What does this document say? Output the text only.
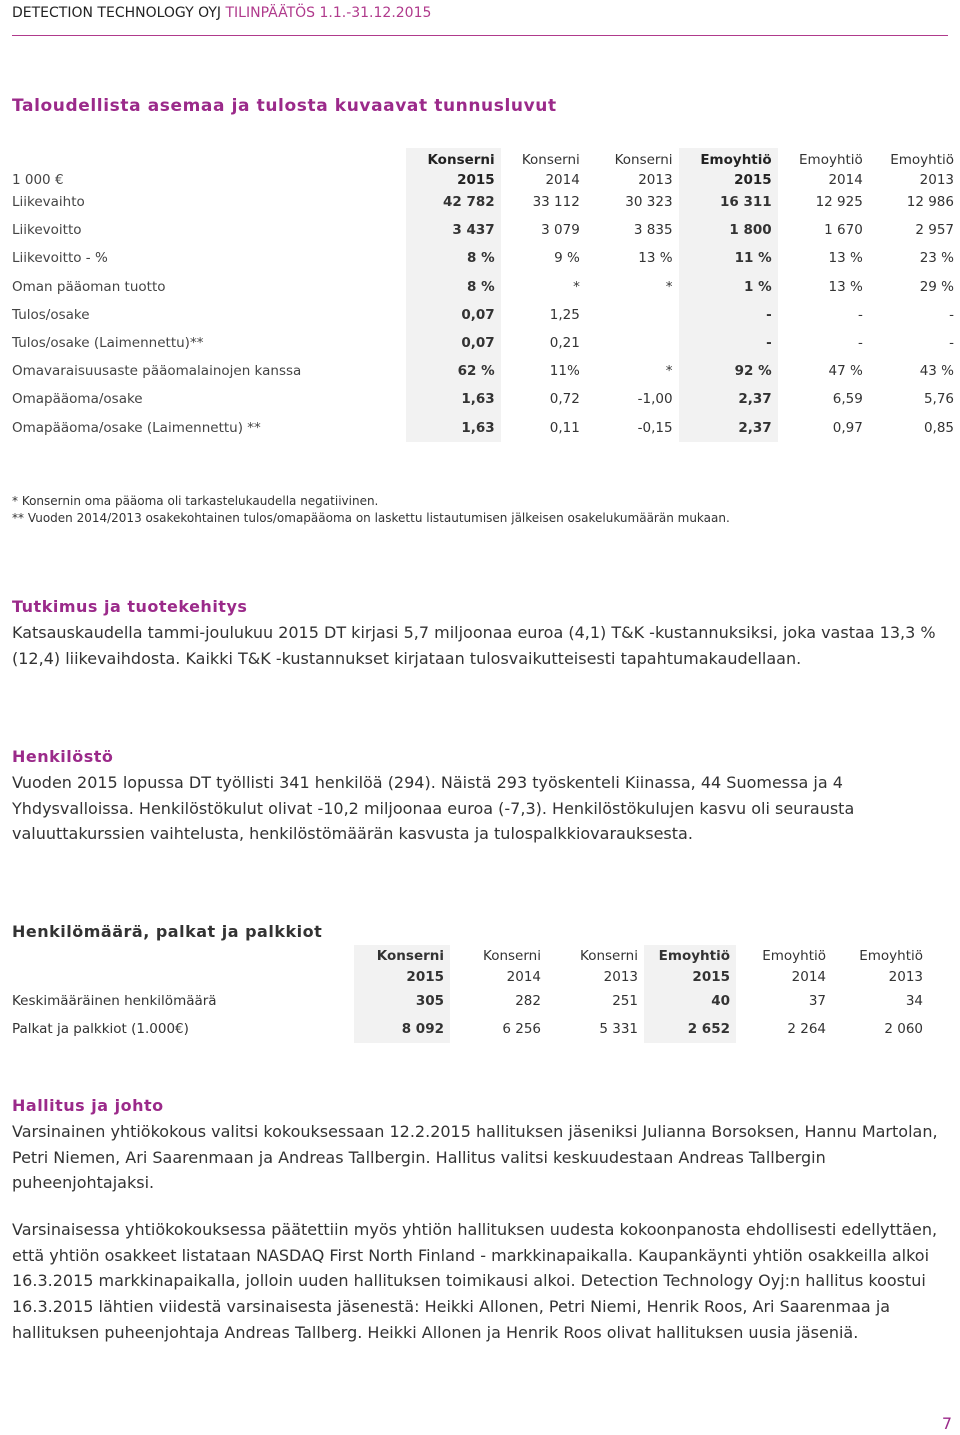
DETECTION TECHNOLOGY OYJ TILINPÄÄTÖS 1.1.-31.12.2015
Taloudellista asemaa ja tulosta kuvaavat tunnusluvut
	Konserni	Konserni	Konserni	Emoyhtiö	Emoyhtiö	Emoyhtiö
1 000 €	2015	2014	2013	2015	2014	2013
Liikevaihto	42 782	33 112	30 323	16 311	12 925	12 986
Liikevoitto	3 437	3 079	3 835	1 800	1 670	2 957
Liikevoitto - %	8 %	9 %	13 %	11 %	13 %	23 %
Oman pääoman tuotto	8 %	*	*	1 %	13 %	29 %
Tulos/osake	0,07	1,25		-	-	-
Tulos/osake (Laimennettu)**	0,07	0,21		-	-	-
Omavaraisuusaste pääomalainojen kanssa	62 %	11%	*	92 %	47 %	43 %
Omapääoma/osake	1,63	0,72	-1,00	2,37	6,59	5,76
Omapääoma/osake (Laimennettu) **	1,63	0,11	-0,15	2,37	0,97	0,85
* Konsernin oma pääoma oli tarkastelukaudella negatiivinen.
** Vuoden 2014/2013 osakekohtainen tulos/omapääoma on laskettu listautumisen jälkeisen osakelukumäärän mukaan.
Tutkimus ja tuotekehitys
Katsauskaudella tammi-joulukuu 2015 DT kirjasi 5,7 miljoonaa euroa (4,1) T&K -kustannuksiksi, joka vastaa 13,3 % (12,4) liikevaihdosta. Kaikki T&K -kustannukset kirjataan tulosvaikutteisesti tapahtumakaudellaan.
Henkilöstö
Vuoden 2015 lopussa DT työllisti 341 henkilöä (294). Näistä 293 työskenteli Kiinassa, 44 Suomessa ja 4 Yhdysvalloissa. Henkilöstökulut olivat -10,2 miljoonaa euroa (-7,3). Henkilöstökulujen kasvu oli seurausta valuuttakurssien vaihtelusta, henkilöstömäärän kasvusta ja tulospalkkiovarauksesta.
Henkilömäärä, palkat ja palkkiot
	Konserni	Konserni	Konserni	Emoyhtiö	Emoyhtiö	Emoyhtiö
	2015	2014	2013	2015	2014	2013
Keskimääräinen henkilömäärä	305	282	251	40	37	34
Palkat ja palkkiot (1.000€)	8 092	6 256	5 331	2 652	2 264	2 060
Hallitus ja johto
Varsinainen yhtiökokous valitsi kokouksessaan 12.2.2015 hallituksen jäseniksi Julianna Borsoksen, Hannu Martolan, Petri Niemen, Ari Saarenmaan ja Andreas Tallbergin. Hallitus valitsi keskuudestaan Andreas Tallbergin puheenjohtajaksi.
Varsinaisessa yhtiökokouksessa päätettiin myös yhtiön hallituksen uudesta kokoonpanosta ehdollisesti edellyttäen, että yhtiön osakkeet listataan NASDAQ First North Finland - markkinapaikalla. Kaupankäynti yhtiön osakkeilla alkoi 16.3.2015 markkinapaikalla, jolloin uuden hallituksen toimikausi alkoi. Detection Technology Oyj:n hallitus koostui 16.3.2015 lähtien viidestä varsinaisesta jäsenestä: Heikki Allonen, Petri Niemi, Henrik Roos, Ari Saarenmaa ja hallituksen puheenjohtaja Andreas Tallberg. Heikki Allonen ja Henrik Roos olivat hallituksen uusia jäseniä.
7
